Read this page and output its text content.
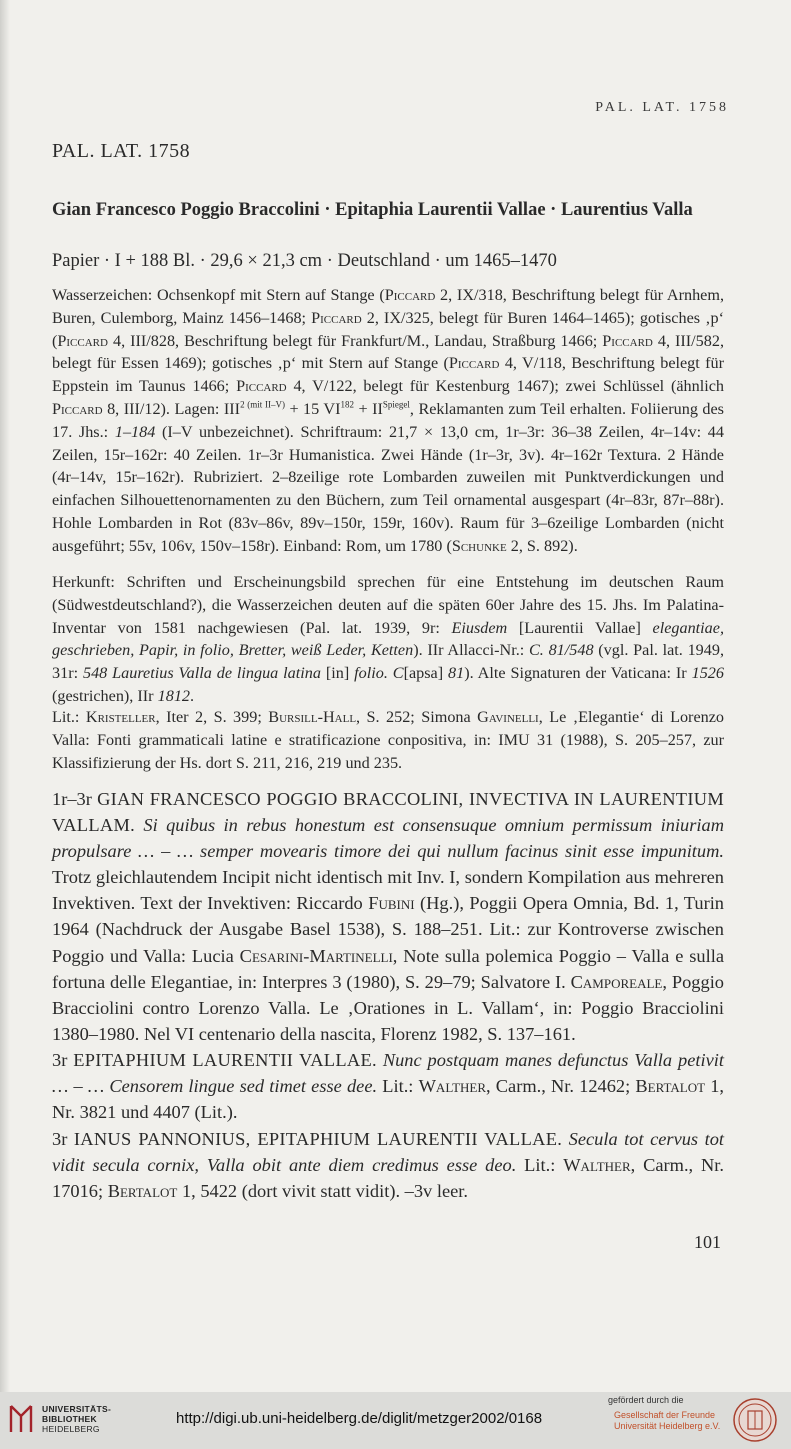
PAL. LAT. 1758
PAL. LAT. 1758
Gian Francesco Poggio Braccolini · Epitaphia Laurentii Vallae · Laurentius Valla
Papier · I + 188 Bl. · 29,6 × 21,3 cm · Deutschland · um 1465–1470
Wasserzeichen: Ochsenkopf mit Stern auf Stange (Piccard 2, IX/318, Beschriftung belegt für Arnhem, Buren, Culemborg, Mainz 1456–1468; Piccard 2, IX/325, belegt für Buren 1464–1465); gotisches ‚p‘ (Piccard 4, III/828, Beschriftung belegt für Frankfurt/M., Landau, Straßburg 1466; Piccard 4, III/582, belegt für Essen 1469); gotisches ‚p‘ mit Stern auf Stange (Piccard 4, V/118, Beschriftung belegt für Eppstein im Taunus 1466; Piccard 4, V/122, belegt für Kestenburg 1467); zwei Schlüssel (ähnlich Piccard 8, III/12). Lagen: $III^{2 (mit II-V)} + 15$ $VI^{182} + II^{Spiegel}$, Reklamanten zum Teil erhalten. Foliierung des 17. Jhs.: 1–184 (I–V unbezeichnet). Schriftraum: 21,7 × 13,0 cm, 1r–3r: 36–38 Zeilen, 4r–14v: 44 Zeilen, 15r–162r: 40 Zeilen. 1r–3r Humanistica. Zwei Hände (1r–3r, 3v). 4r–162r Textura. 2 Hände (4r–14v, 15r–162r). Rubriziert. 2–8zeilige rote Lombarden zuweilen mit Punktverdickungen und einfachen Silhouettenornamenten zu den Büchern, zum Teil ornamental ausgespart (4r–83r, 87r–88r). Hohle Lombarden in Rot (83v–86v, 89v–150r, 159r, 160v). Raum für 3–6zeilige Lombarden (nicht ausgeführt; 55v, 106v, 150v–158r). Einband: Rom, um 1780 (Schunke 2, S. 892).
Herkunft: Schriften und Erscheinungsbild sprechen für eine Entstehung im deutschen Raum (Südwestdeutschland?), die Wasserzeichen deuten auf die späten 60er Jahre des 15. Jhs. Im Palatina-Inventar von 1581 nachgewiesen (Pal. lat. 1939, 9r: Eiusdem [Laurentii Vallae] elegantiae, geschrieben, Papir, in folio, Bretter, weiß Leder, Ketten). IIr Allacci-Nr.: C. 81/548 (vgl. Pal. lat. 1949, 31r: 548 Lauretius Valla de lingua latina [in] folio. C[apsa] 81). Alte Signaturen der Vaticana: Ir 1526 (gestrichen), IIr 1812.
Lit.: Kristeller, Iter 2, S. 399; Bursill-Hall, S. 252; Simona Gavinelli, Le ‚Elegantie‘ di Lorenzo Valla: Fonti grammaticali latine e stratificazione conpositiva, in: IMU 31 (1988), S. 205–257, zur Klassifizierung der Hs. dort S. 211, 216, 219 und 235.
1r–3r GIAN FRANCESCO POGGIO BRACCOLINI, INVECTIVA IN LAURENTIUM VALLAM. Si quibus in rebus honestum est consensuque omnium permissum iniuriam propulsare … – … semper movearis timore dei qui nullum facinus sinit esse impunitum. Trotz gleichlautendem Incipit nicht identisch mit Inv. I, sondern Kompilation aus mehreren Invektiven. Text der Invektiven: Riccardo Fubini (Hg.), Poggii Opera Omnia, Bd. 1, Turin 1964 (Nachdruck der Ausgabe Basel 1538), S. 188–251. Lit.: zur Kontroverse zwischen Poggio und Valla: Lucia Cesarini-Martinelli, Note sulla polemica Poggio – Valla e sulla fortuna delle Elegantiae, in: Interpres 3 (1980), S. 29–79; Salvatore I. Camporeale, Poggio Bracciolini contro Lorenzo Valla. Le ‚Orationes in L. Vallam‘, in: Poggio Bracciolini 1380–1980. Nel VI centenario della nascita, Florenz 1982, S. 137–161.
3r EPITAPHIUM LAURENTII VALLAE. Nunc postquam manes defunctus Valla petivit … – … Censorem lingue sed timet esse dee. Lit.: Walther, Carm., Nr. 12462; Bertalot 1, Nr. 3821 und 4407 (Lit.).
3r IANUS PANNONIUS, EPITAPHIUM LAURENTII VALLAE. Secula tot cervus tot vidit secula cornix, Valla obit ante diem credimus esse deo. Lit.: Walther, Carm., Nr. 17016; Bertalot 1, 5422 (dort vivit statt vidit). –3v leer.
101
UNIVERSITÄTS-
BIBLIOTHEK
HEIDELBERG
http://digi.ub.uni-heidelberg.de/diglit/metzger2002/0168
gefördert durch die
Gesellschaft der Freunde
Universität Heidelberg e.V.
